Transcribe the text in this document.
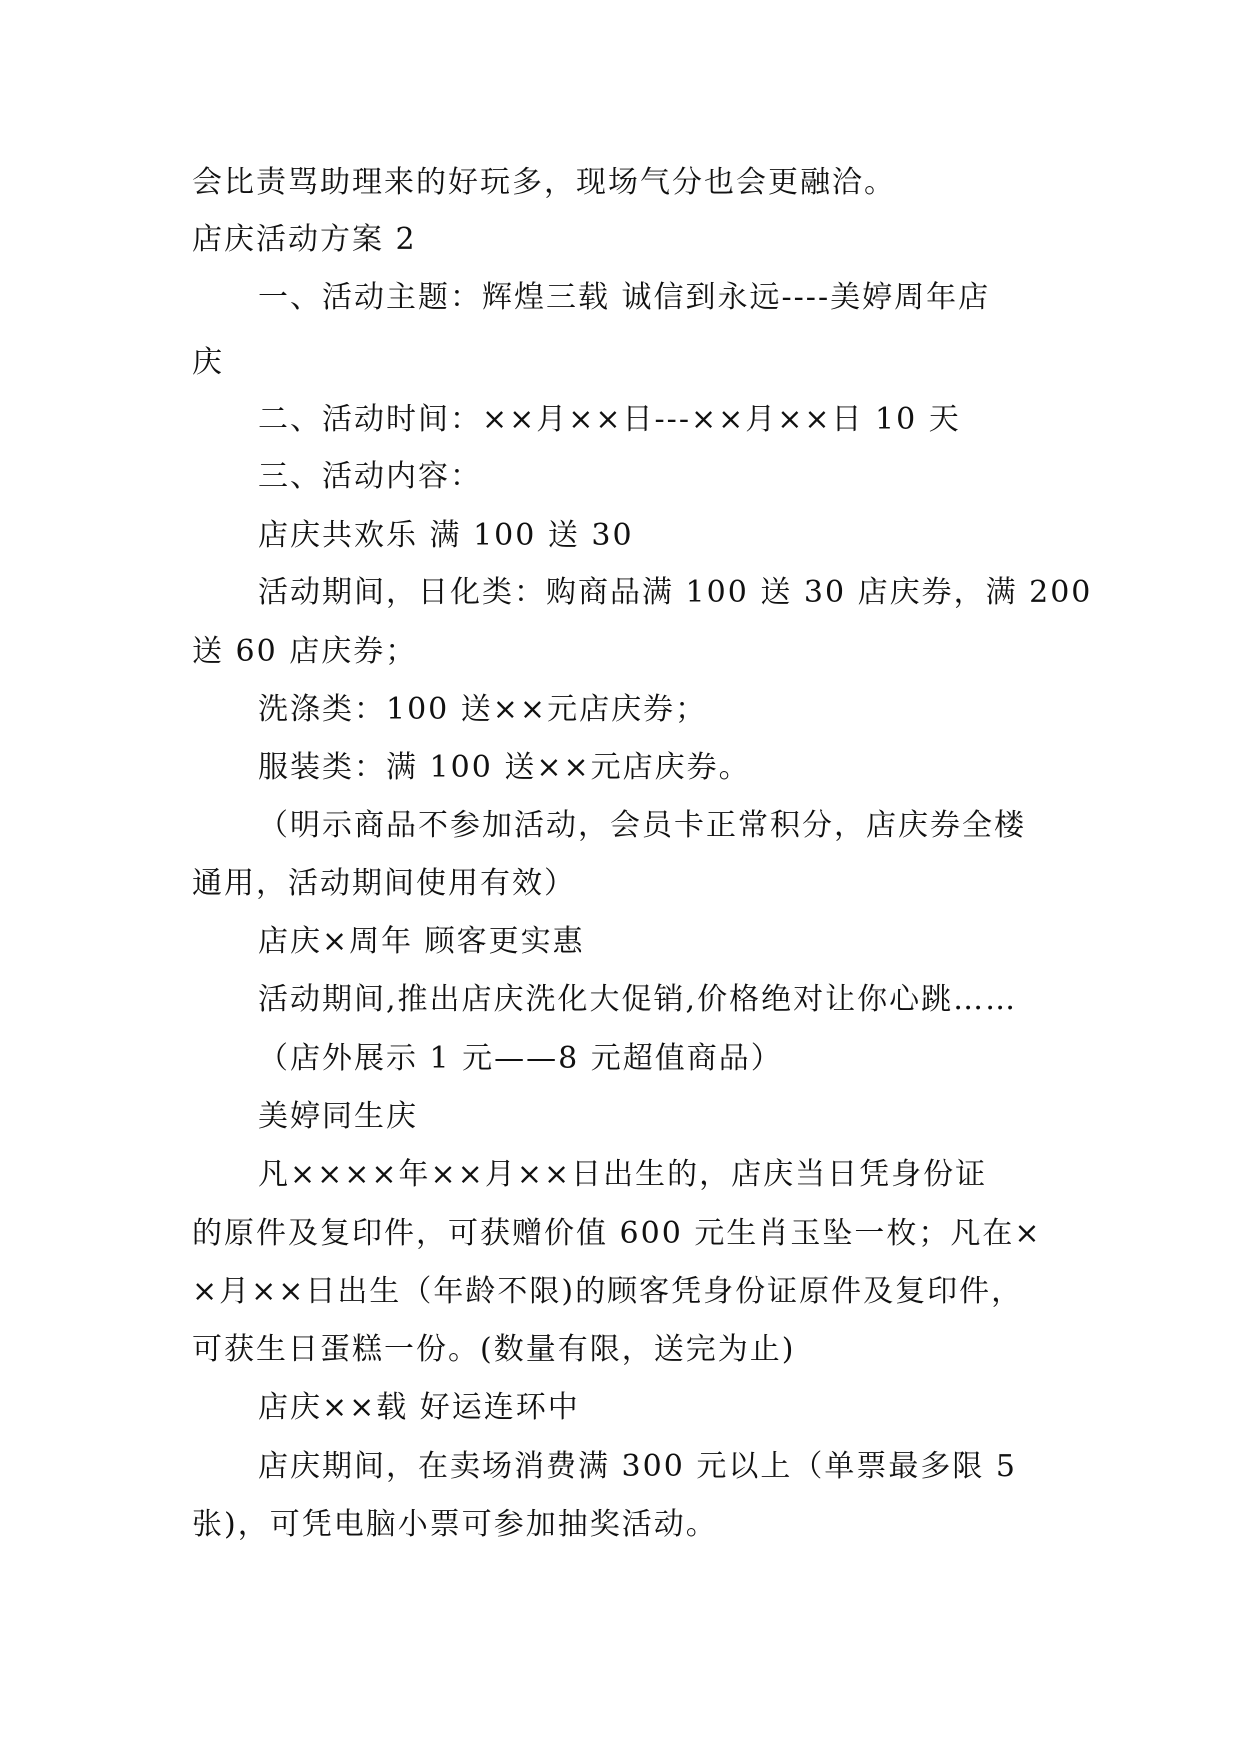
会比责骂助理来的好玩多，现场气分也会更融洽。
店庆活动方案 2
一、活动主题：辉煌三载 诚信到永远----美婷周年店
庆
二、活动时间：××月××日---××月××日 10 天
三、活动内容：
店庆共欢乐 满 100 送 30
活动期间，日化类：购商品满 100 送 30 店庆券，满 200
送 60 店庆券；
洗涤类：100 送××元店庆券；
服装类：满 100 送××元店庆券。
（明示商品不参加活动，会员卡正常积分，店庆券全楼
通用，活动期间使用有效）
店庆×周年 顾客更实惠
活动期间,推出店庆洗化大促销,价格绝对让你心跳……
（店外展示 1 元——8 元超值商品）
美婷同生庆
凡××××年××月××日出生的，店庆当日凭身份证
的原件及复印件，可获赠价值 600 元生肖玉坠一枚；凡在×
×月××日出生（年龄不限)的顾客凭身份证原件及复印件，
可获生日蛋糕一份。(数量有限，送完为止)
店庆××载 好运连环中
店庆期间，在卖场消费满 300 元以上（单票最多限 5
张)，可凭电脑小票可参加抽奖活动。
